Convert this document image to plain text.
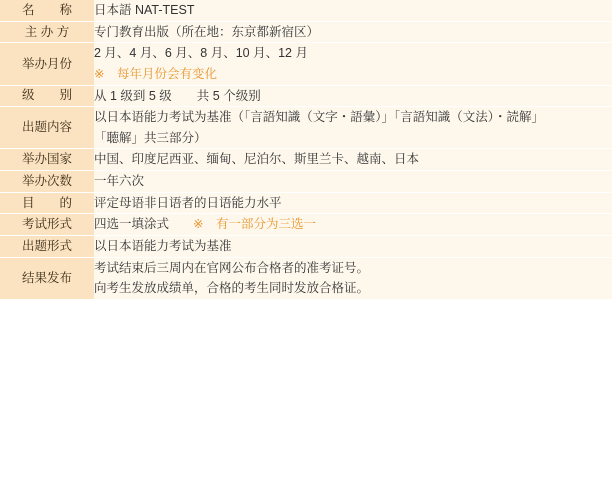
名　　称	日本語 NAT-TEST

主 办 方	专门教育出版（所在地：东京都新宿区）

举办月份	2 月、4 月、6 月、8 月、10 月、12 月
※　每年月份会有变化

级　　别	从 1 级到 5 级　　共 5 个级别

出题内容	以日本语能力考试为基准（「言語知識（文字・語彙）」「言語知識（文法）・読解」
「聴解」共三部分）

举办国家	中国、印度尼西亚、缅甸、尼泊尔、斯里兰卡、越南、日本

举办次数	一年六次

目　　的	评定母语非日语者的日语能力水平

考试形式	四选一填涂式 ※　有一部分为三选一

出题形式	以日本语能力考试为基准

结果发布	考试结束后三周内在官网公布合格者的准考证号。
向考生发放成绩单，合格的考生同时发放合格证。
